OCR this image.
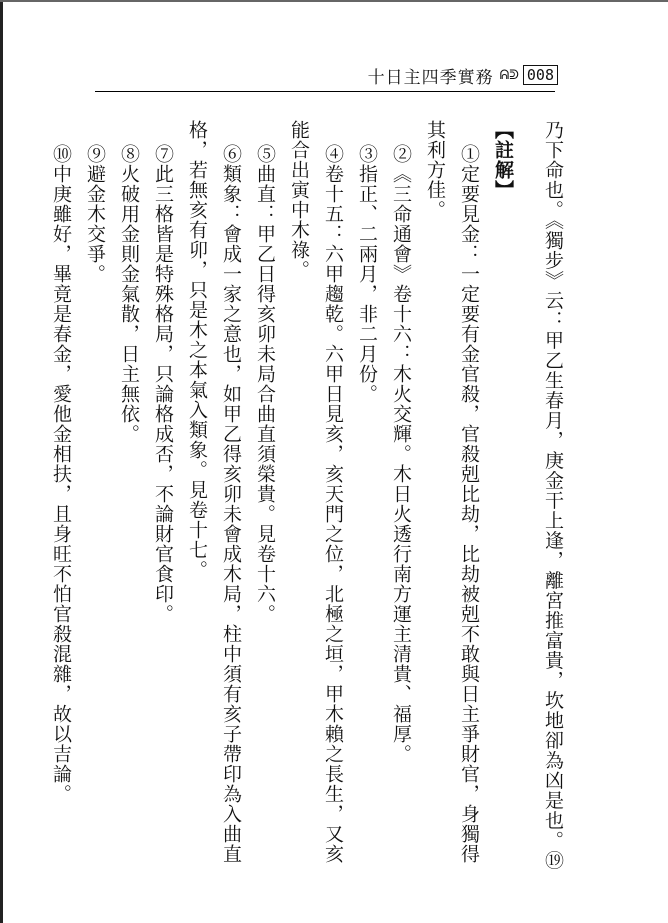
十日主四季實務 ᕱᕲ 008
乃下命也。《獨步》云：甲乙生春月，庚金干上逢，離宮推富貴，坎地卻為凶是也。⑲
【註解】
①定要見金：一定要有金官殺，官殺剋比劫，比劫被剋不敢與日主爭財官，身獨得
其利方佳。
②《三命通會》卷十六：木火交輝。木日火透行南方運主清貴、福厚。
③指正、二兩月，非二月份。
④卷十五：六甲趨乾。六甲日見亥，亥天門之位，北極之垣，甲木賴之長生，又亥
能合出寅中木祿。
⑤曲直：甲乙日得亥卯未局合曲直須榮貴。見卷十六。
⑥類象：會成一家之意也，如甲乙得亥卯未會成木局，柱中須有亥子帶印為入曲直
格，若無亥有卯，只是木之本氣入類象。見卷十七。
⑦此三格皆是特殊格局，只論格成否，不論財官食印。
⑧火破用金則金氣散，日主無依。
⑨避金木交爭。
⑩中庚雖好，畢竟是春金，愛他金相扶，且身旺不怕官殺混雜，故以吉論。
